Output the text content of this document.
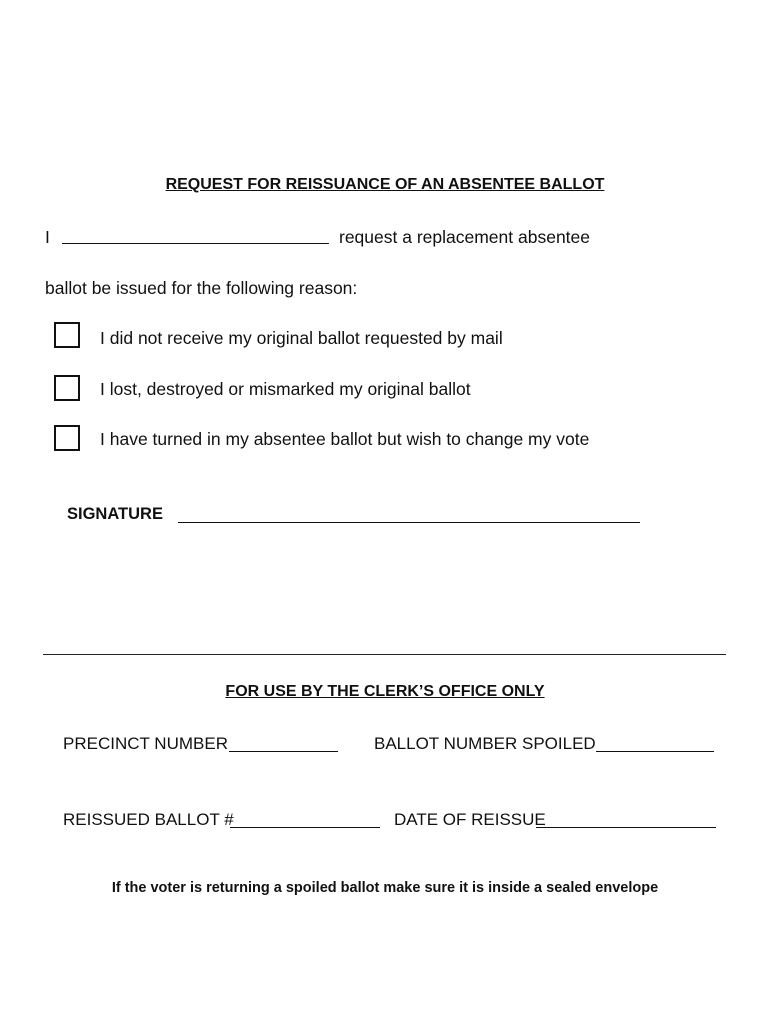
REQUEST FOR REISSUANCE OF AN ABSENTEE BALLOT
I	request a replacement absentee
ballot be issued for the following reason:
I did not receive my original ballot requested by mail
I lost, destroyed or mismarked my original ballot
I have turned in my absentee ballot but wish to change my vote
SIGNATURE
FOR USE BY THE CLERK’S OFFICE ONLY
PRECINCT NUMBER	BALLOT NUMBER SPOILED
REISSUED BALLOT #	DATE OF REISSUE
If the voter is returning a spoiled ballot make sure it is inside a sealed envelope
